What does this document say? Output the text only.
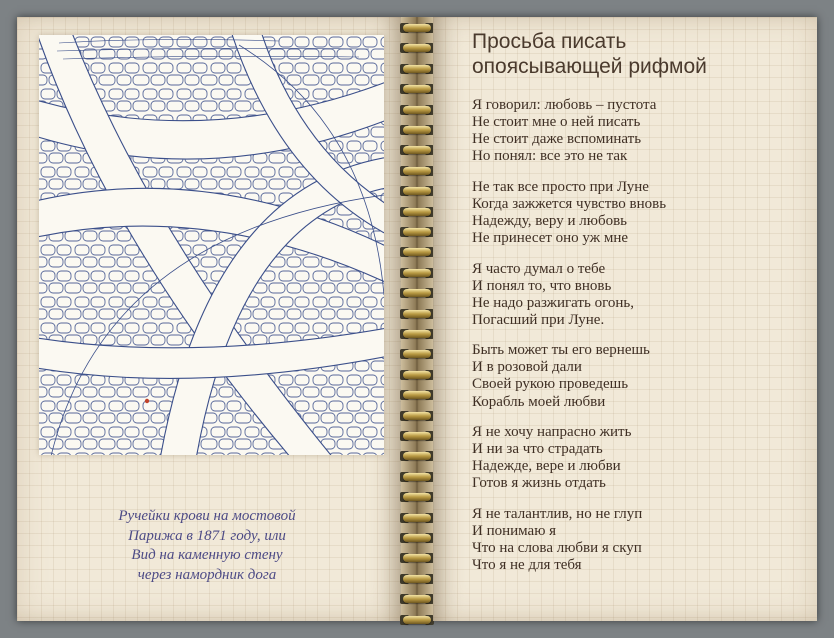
Ручейки крови на мостовой
Парижа в 1871 году, или
Вид на каменную стену
через намордник дога
Просьба писать
опоясывающей рифмой
Я говорил: любовь – пустота
Не стоит мне о ней писать
Не стоит даже вспоминать
Но понял: все это не так
Не так все просто при Луне
Когда зажжется чувство вновь
Надежду, веру и любовь
Не принесет оно уж мне
Я часто думал о тебе
И понял то, что вновь
Не надо разжигать огонь,
Погасший при Луне.
Быть может ты его вернешь
И в розовой дали
Своей рукою проведешь
Корабль моей любви
Я не хочу напрасно жить
И ни за что страдать
Надежде, вере и любви
Готов я жизнь отдать
Я не талантлив, но не глуп
И понимаю я
Что на слова любви я скуп
Что я не для тебя
